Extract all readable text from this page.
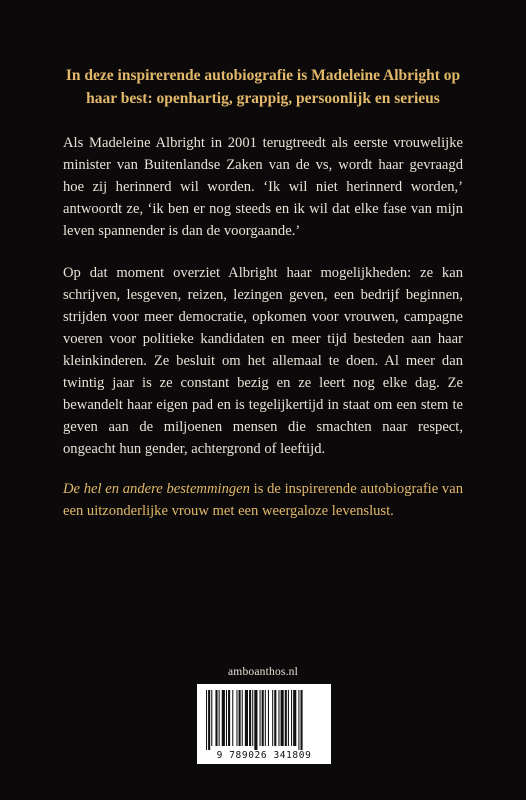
In deze inspirerende autobiografie is Madeleine Albright op haar best: openhartig, grappig, persoonlijk en serieus

Als Madeleine Albright in 2001 terugtreedt als eerste vrouwelijke minister van Buitenlandse Zaken van de vs, wordt haar gevraagd hoe zij herinnerd wil worden. ‘Ik wil niet herinnerd worden,’ antwoordt ze, ‘ik ben er nog steeds en ik wil dat elke fase van mijn leven spannender is dan de voorgaande.’

Op dat moment overziet Albright haar mogelijkheden: ze kan schrijven, lesgeven, reizen, lezingen geven, een bedrijf beginnen, strijden voor meer democratie, opkomen voor vrouwen, campagne voeren voor politieke kandidaten en meer tijd besteden aan haar kleinkinderen. Ze besluit om het allemaal te doen. Al meer dan twintig jaar is ze constant bezig en ze leert nog elke dag. Ze bewandelt haar eigen pad en is tegelijkertijd in staat om een stem te geven aan de miljoenen mensen die smachten naar respect, ongeacht hun gender, achtergrond of leeftijd.

De hel en andere bestemmingen is de inspirerende autobiografie van een uitzonderlijke vrouw met een weergaloze levenslust.

amboanthos.nl
9 789026 341809
